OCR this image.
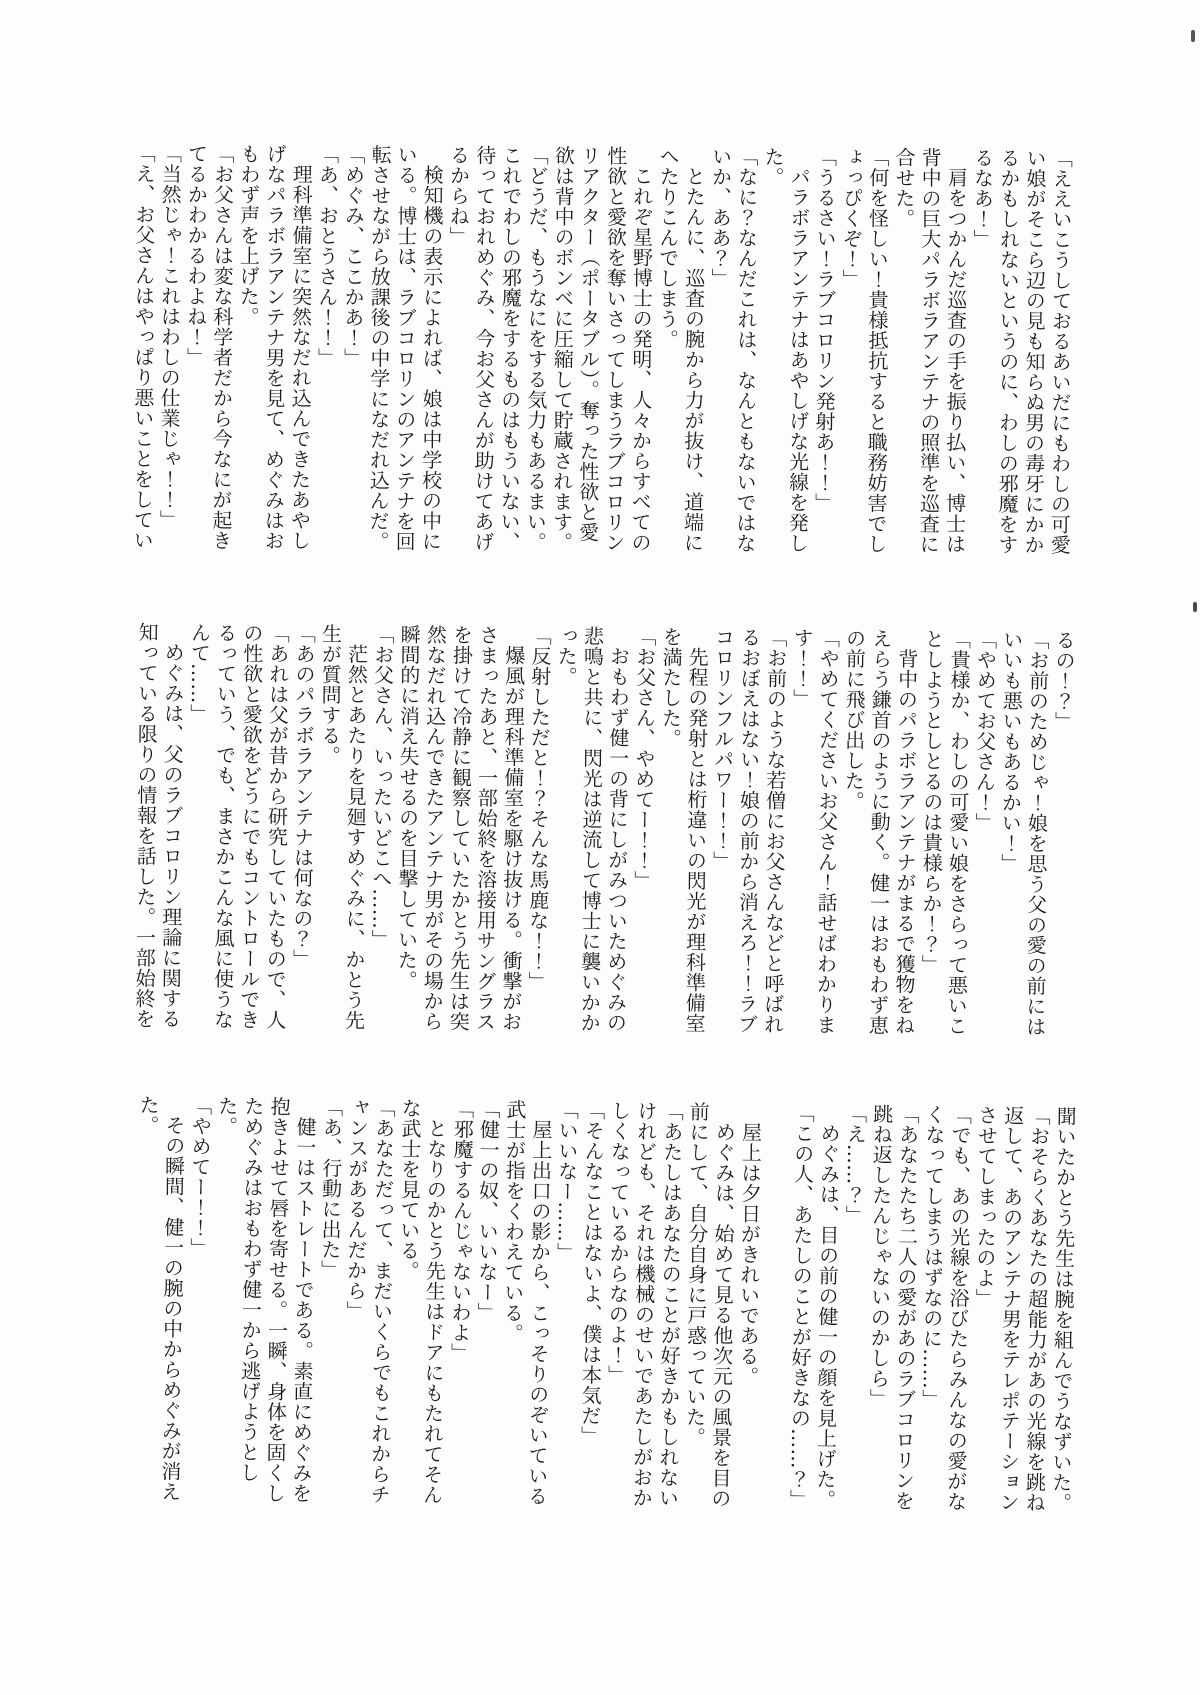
「ええいこうしておるあいだにもわしの可愛い娘がそこら辺の見も知らぬ男の毒牙にかかるかもしれないというのに、わしの邪魔をするなあ！」

肩をつかんだ巡査の手を振り払い、博士は背中の巨大パラボラアンテナの照準を巡査に合せた。

「何を怪しい！貴様抵抗すると職務妨害でしょっぴくぞ！」

「うるさい！ラブコロリン発射あ！！」

パラボラアンテナはあやしげな光線を発した。

「なに？なんだこれは、なんともないではないか、ああ？」

とたんに、巡査の腕から力が抜け、道端にへたりこんでしまう。

これぞ星野博士の発明、人々からすべての性欲と愛欲を奪いさってしまうラブコロリンリアクター（ポータブル）。奪った性欲と愛欲は背中のボンベに圧縮して貯蔵されます。

「どうだ、もうなにをする気力もあるまい。これでわしの邪魔をするものはもういない、待っておれめぐみ、今お父さんが助けてあげるからね」

検知機の表示によれば、娘は中学校の中にいる。博士は、ラブコロリンのアンテナを回転させながら放課後の中学になだれ込んだ。

「めぐみ、ここかあ！」

「あ、おとうさん！！」

理科準備室に突然なだれ込んできたあやしげなパラボラアンテナ男を見て、めぐみはおもわず声を上げた。

「お父さんは変な科学者だから今なにが起きてるかわかるわよね！」

「当然じゃ！これはわしの仕業じゃ！！」

「え、お父さんはやっぱり悪いことをしてい

るの！？」

「お前のためじゃ！娘を思う父の愛の前にはいいも悪いもあるかい！」

「やめてお父さん！」

「貴様か、わしの可愛い娘をさらって悪いことしようとしとるのは貴様らか！？」

背中のパラボラアンテナがまるで獲物をねえらう鎌首のように動く。健一はおもわず恵の前に飛び出した。

「やめてくださいお父さん！話せばわかります！！」

「お前のような若僧にお父さんなどと呼ばれるおぼえはない！娘の前から消えろ！！ラブコロリンフルパワー！！」

先程の発射とは桁違いの閃光が理科準備室を満たした。

「お父さん、やめてー！！」

おもわず健一の背にしがみついためぐみの悲鳴と共に、閃光は逆流して博士に襲いかかった。

「反射しただと！？そんな馬鹿な！！」

爆風が理科準備室を駆け抜ける。衝撃がおさまったあと、一部始終を溶接用サングラスを掛けて冷静に観察していたかとう先生は突然なだれ込んできたアンテナ男がその場から瞬間的に消え失せるのを目撃していた。

「お父さん、いったいどこへ……」

茫然とあたりを見廻すめぐみに、かとう先生が質問する。

「あのパラボラアンテナは何なの？」

「あれは父が昔から研究していたもので、人の性欲と愛欲をどうにでもコントロールできるっていう、でも、まさかこんな風に使うなんて……」

めぐみは、父のラブコロリン理論に関する知っている限りの情報を話した。一部始終を

聞いたかとう先生は腕を組んでうなずいた。

「おそらくあなたの超能力があの光線を跳ね返して、あのアンテナ男をテレポテーションさせてしまったのよ」

「でも、あの光線を浴びたらみんなの愛がなくなってしまうはずなのに……」

「あなたたち二人の愛があのラブコロリンを跳ね返したんじゃないのかしら」

「え……？」

めぐみは、目の前の健一の顔を見上げた。

「この人、あたしのことが好きなの……？」

屋上は夕日がきれいである。

めぐみは、始めて見る他次元の風景を目の前にして、自分自身に戸惑っていた。

「あたしはあなたのことが好きかもしれないけれども、それは機械のせいであたしがおかしくなっているからなのよ！」

「そんなことはないよ、僕は本気だ」

「いいなー……」

屋上出口の影から、こっそりのぞいている武士が指をくわえている。

「健一の奴、いいなー」

「邪魔するんじゃないわよ」

となりのかとう先生はドアにもたれてそんな武士を見ている。

「あなただって、まだいくらでもこれからチャンスがあるんだから」

「あ、行動に出た」

健一はストレートである。素直にめぐみを抱きよせて唇を寄せる。一瞬、身体を固くしためぐみはおもわず健一から逃げようとした。

「やめてー！！」

その瞬間、健一の腕の中からめぐみが消えた。
